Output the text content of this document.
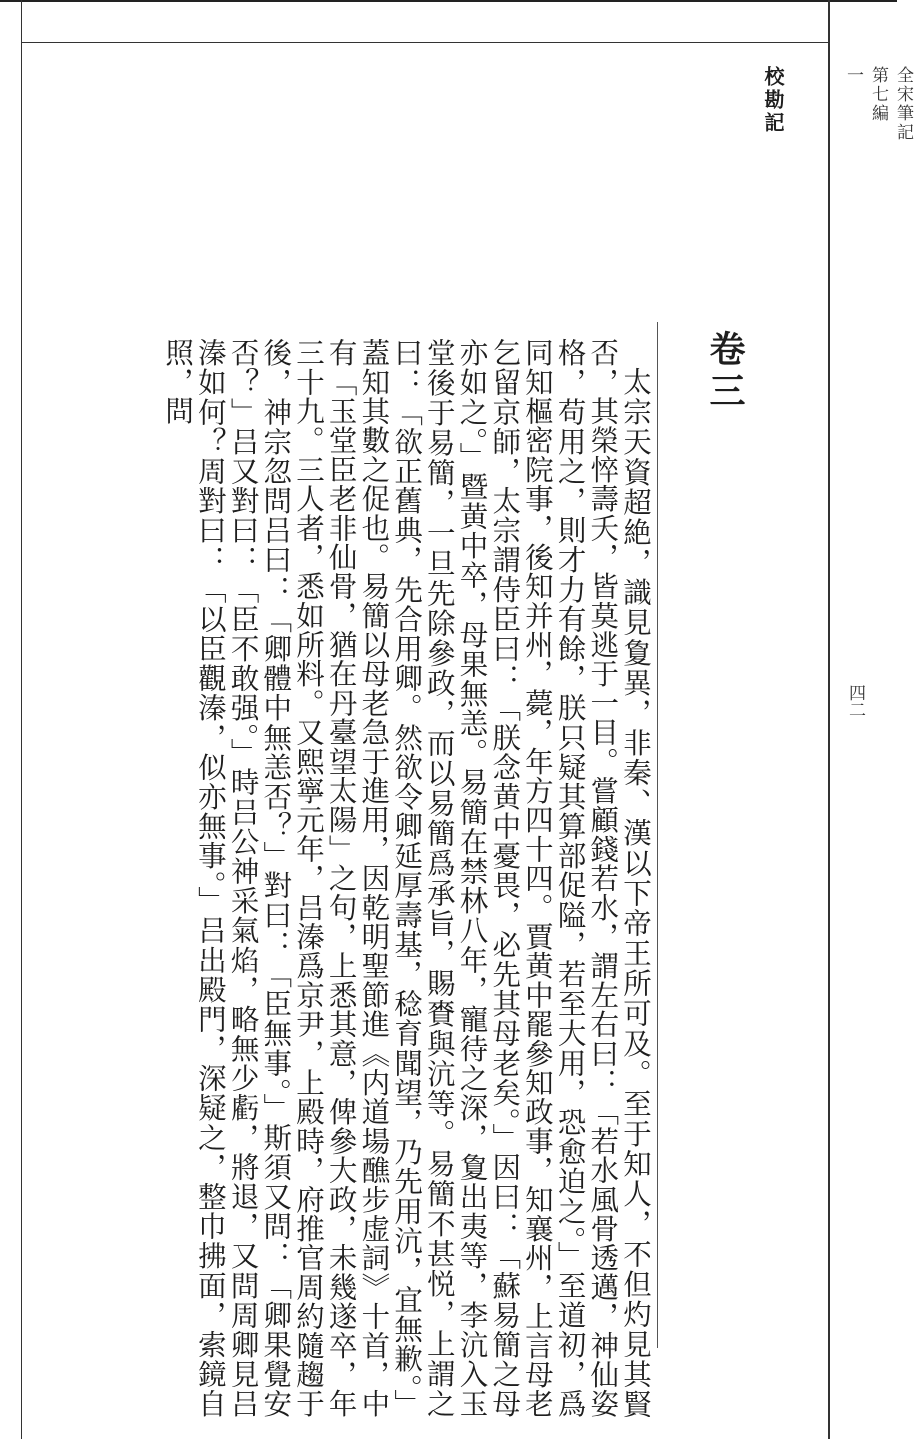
全宋筆記
第七編
一
四二
校勘記
卷三

太宗天資超絶，識見夐異，非秦、漢以下帝王所可及。至于知人，不但灼見其賢否，其榮悴壽夭，皆莫逃于一目。嘗顧錢若水，謂左右曰：「若水風骨透邁，神仙姿格，苟用之，則才力有餘，朕只疑其算部促隘，若至大用，恐愈迫之。」至道初，爲同知樞密院事，後知并州，薨，年方四十四。賈黄中罷參知政事，知襄州，上言母老乞留京師，太宗謂侍臣曰：「朕念黄中憂畏，必先其母老矣。」因曰：「蘇易簡之母亦如之。」暨黄中卒，母果無恙。易簡在禁林八年，寵待之深，夐出夷等，李沆入玉堂後于易簡，一旦先除參政，而以易簡爲承旨，賜賚與沆等。易簡不甚悦，上謂之曰：「欲正舊典，先合用卿。然欲令卿延厚壽基，稔育聞望，乃先用沆，宜無歉。」蓋知其數之促也。易簡以母老急于進用，因乾明聖節進《内道場醮步虚詞》十首，中有「玉堂臣老非仙骨，猶在丹臺望太陽」之句，上悉其意，俾參大政，未幾遂卒，年三十九。三人者，悉如所料。又熙寧元年，吕溱爲京尹，上殿時，府推官周約隨趨于後，神宗忽問吕曰：「卿體中無恙否？」對曰：「臣無事。」斯須又問：「卿果覺安否？」吕又對曰：「臣不敢强。」時吕公神采氣焰，略無少虧，將退，又問周卿見吕溱如何？周對曰：「以臣觀溱，似亦無事。」吕出殿門，深疑之，整巾拂面，索鏡自照，問
